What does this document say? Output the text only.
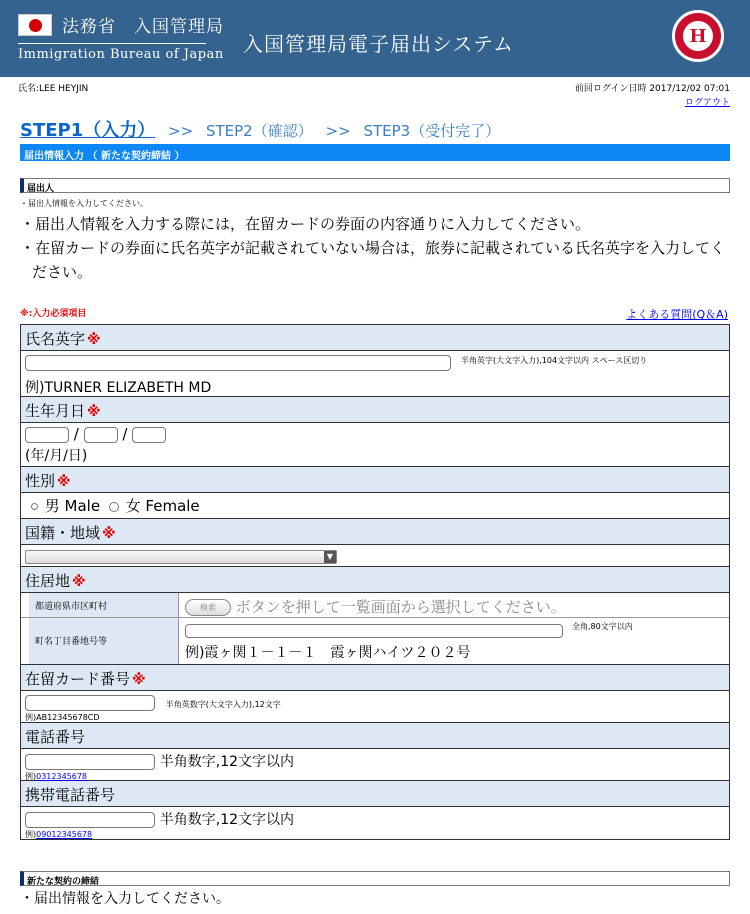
法務省　入国管理局
Immigration Bureau of Japan 入国管理局電子届出システム	H
氏名:LEE HEYJIN	前回ログイン日時 2017/12/02 07:01
ログアウト
STEP1（入力） >> STEP2（確認） >> STEP3（受付完了）
届出情報入力 （ 新たな契約締結 ）
届出人
・届出人情報を入力してください。
・届出人情報を入力する際には，在留カードの券面の内容通りに入力してください。
・在留カードの券面に氏名英字が記載されていない場合は，旅券に記載されている氏名英字を入力してください。
※:入力必須項目	よくある質問(Q＆A)
氏名英字 ※
半角英字(大文字入力),104文字以内 スペース区切り
例)TURNER ELIZABETH MD
生年月日 ※
/	/
(年/月/日)
性別 ※
男 Male 女 Female
国籍・地域 ※
▼
住居地 ※
都道府県市区町村	検索 ボタンを押して一覧画面から選択してください。
町名丁目番地号等
全角,80文字以内
例)霞ヶ関１－１－１　霞ヶ関ハイツ２０２号
在留カード番号 ※
半角英数字(大文字入力),12文字
例)AB12345678CD
電話番号
半角数字,12文字以内
例)0312345678
携帯電話番号
半角数字,12文字以内
例)09012345678
新たな契約の締結
・届出情報を入力してください。
